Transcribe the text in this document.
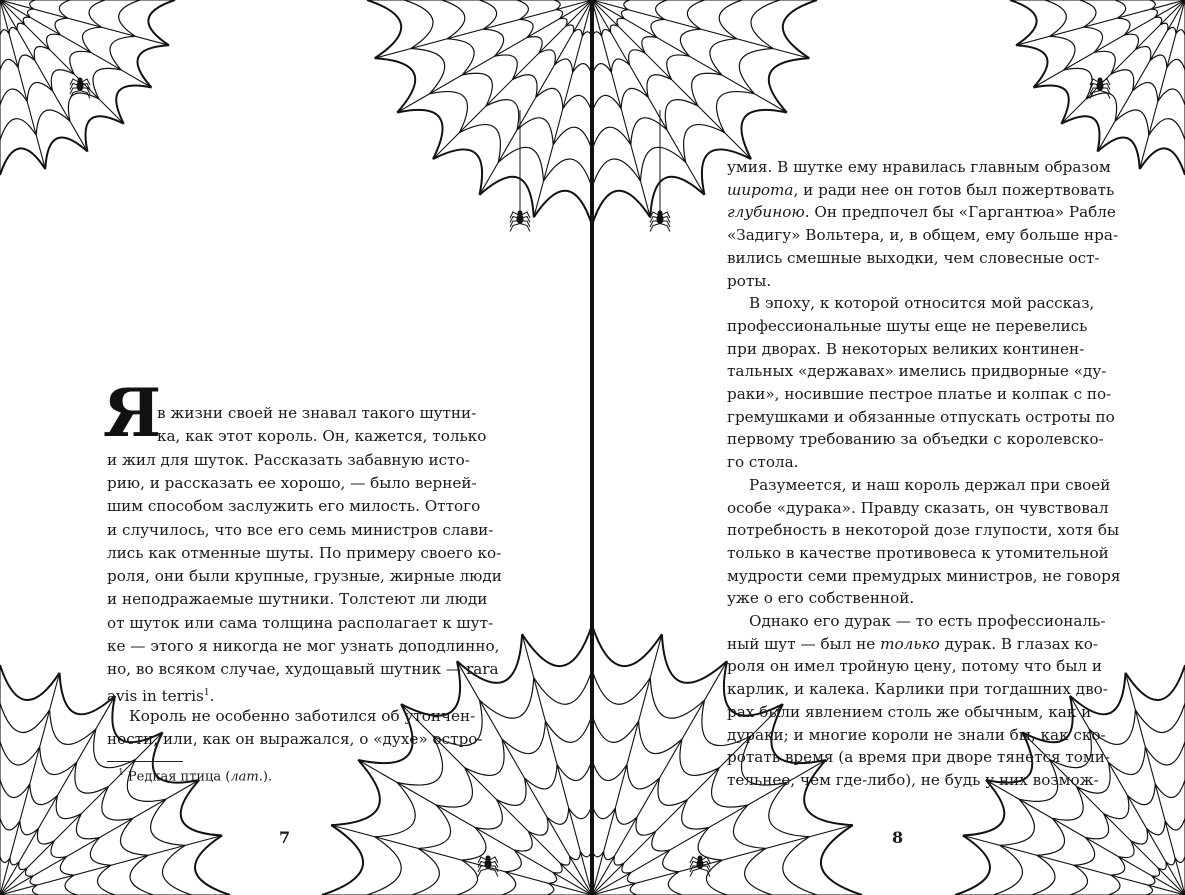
Я
в жизни своей не знавал такого шутни-
ка, как этот король. Он, кажется, только
и жил для шуток. Рассказать забавную исто-
рию, и рассказать ее хорошо, — было верней-
шим способом заслужить его милость. Оттого
и случилось, что все его семь министров слави-
лись как отменные шуты. По примеру своего ко-
роля, они были крупные, грузные, жирные люди
и неподражаемые шутники. Толстеют ли люди
от шуток или сама толщина располагает к шут-
ке — этого я никогда не мог узнать доподлинно,
но, во всяком случае, худощавый шутник — rara
avis in terris$^1$.
Король не особенно заботился об утончен-
ности, или, как он выражался, о «духе» остро-
умия. В шутке ему нравилась главным образом
широта, и ради нее он готов был пожертвовать
глубиною. Он предпочел бы «Гаргантюа» Рабле
«Задигу» Вольтера, и, в общем, ему больше нра-
вились смешные выходки, чем словесные ост-
роты.
В эпоху, к которой относится мой рассказ,
профессиональные шуты еще не перевелись
при дворах. В некоторых великих континен-
тальных «державах» имелись придворные «ду-
раки», носившие пестрое платье и колпак с по-
гремушками и обязанные отпускать остроты по
первому требованию за объедки с королевско-
го стола.
Разумеется, и наш король держал при своей
особе «дурака». Правду сказать, он чувствовал
потребность в некоторой дозе глупости, хотя бы
только в качестве противовеса к утомительной
мудрости семи премудрых министров, не говоря
уже о его собственной.
Однако его дурак — то есть профессиональ-
ный шут — был не только дурак. В глазах ко-
роля он имел тройную цену, потому что был и
карлик, и калека. Карлики при тогдашних дво-
рах были явлением столь же обычным, как и
дураки; и многие короли не знали бы, как ско-
ротать время (а время при дворе тянется томи-
тельнее, чем где-либо), не будь у них возмож-
$^1$ Редкая птица (лат.).
7	8
